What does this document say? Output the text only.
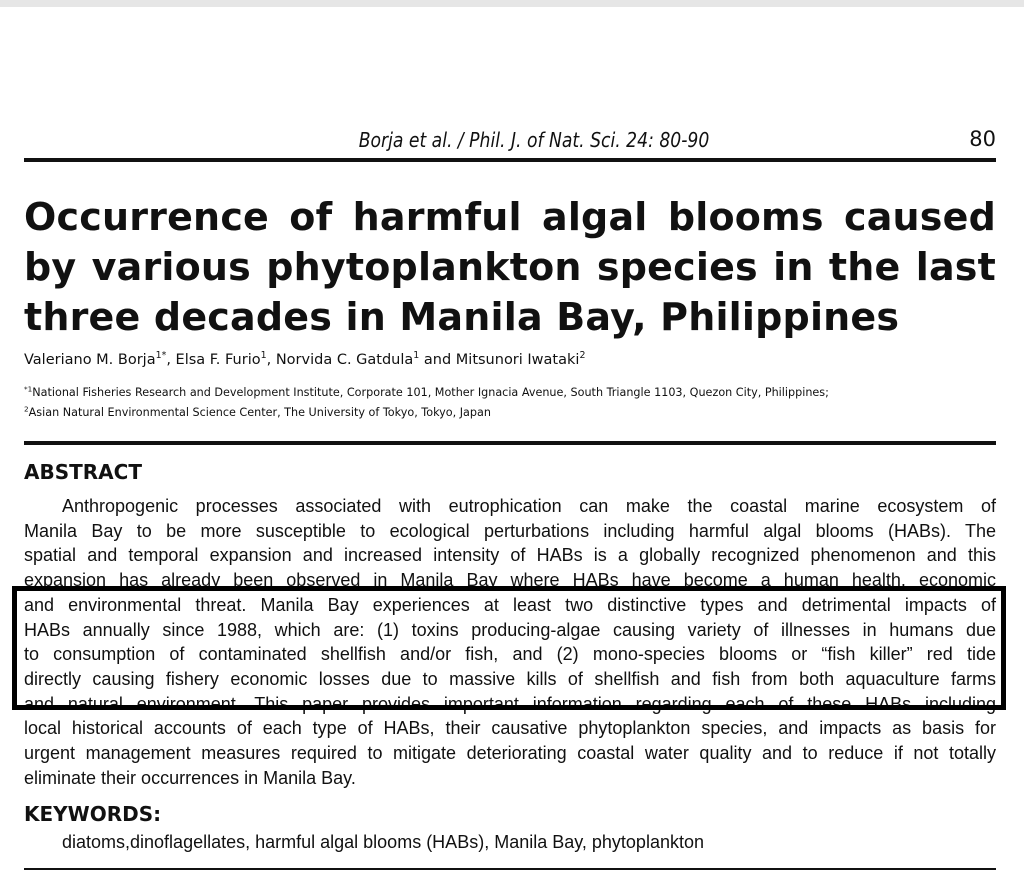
Borja et al. / Phil. J. of Nat. Sci. 24: 80-90	80
Occurrence of harmful algal blooms caused
by various phytoplankton species in the last
three decades in Manila Bay, Philippines
Valeriano M. Borja$^{1*}$, Elsa F. Furio$^1$, Norvida C. Gatdula$^1$ and Mitsunori Iwataki$^2$
$^{*1}$National Fisheries Research and Development Institute, Corporate 101, Mother Ignacia Avenue, South Triangle 1103, Quezon City, Philippines;
$^2$Asian Natural Environmental Science Center, The University of Tokyo, Tokyo, Japan
ABSTRACT
Anthropogenic processes associated with eutrophication can make the coastal marine ecosystem of
Manila Bay to be more susceptible to ecological perturbations including harmful algal blooms (HABs). The
spatial and temporal expansion and increased intensity of HABs is a globally recognized phenomenon and this
expansion has already been observed in Manila Bay where HABs have become a human health, economic
and environmental threat. Manila Bay experiences at least two distinctive types and detrimental impacts of
HABs annually since 1988, which are: (1) toxins producing-algae causing variety of illnesses in humans due
to consumption of contaminated shellfish and/or fish, and (2) mono-species blooms or “fish killer” red tide
directly causing fishery economic losses due to massive kills of shellfish and fish from both aquaculture farms
and natural environment. This paper provides important information regarding each of these HABs including
local historical accounts of each type of HABs, their causative phytoplankton species, and impacts as basis for
urgent management measures required to mitigate deteriorating coastal water quality and to reduce if not totally
eliminate their occurrences in Manila Bay.
KEYWORDS:
diatoms,dinoflagellates, harmful algal blooms (HABs), Manila Bay, phytoplankton
